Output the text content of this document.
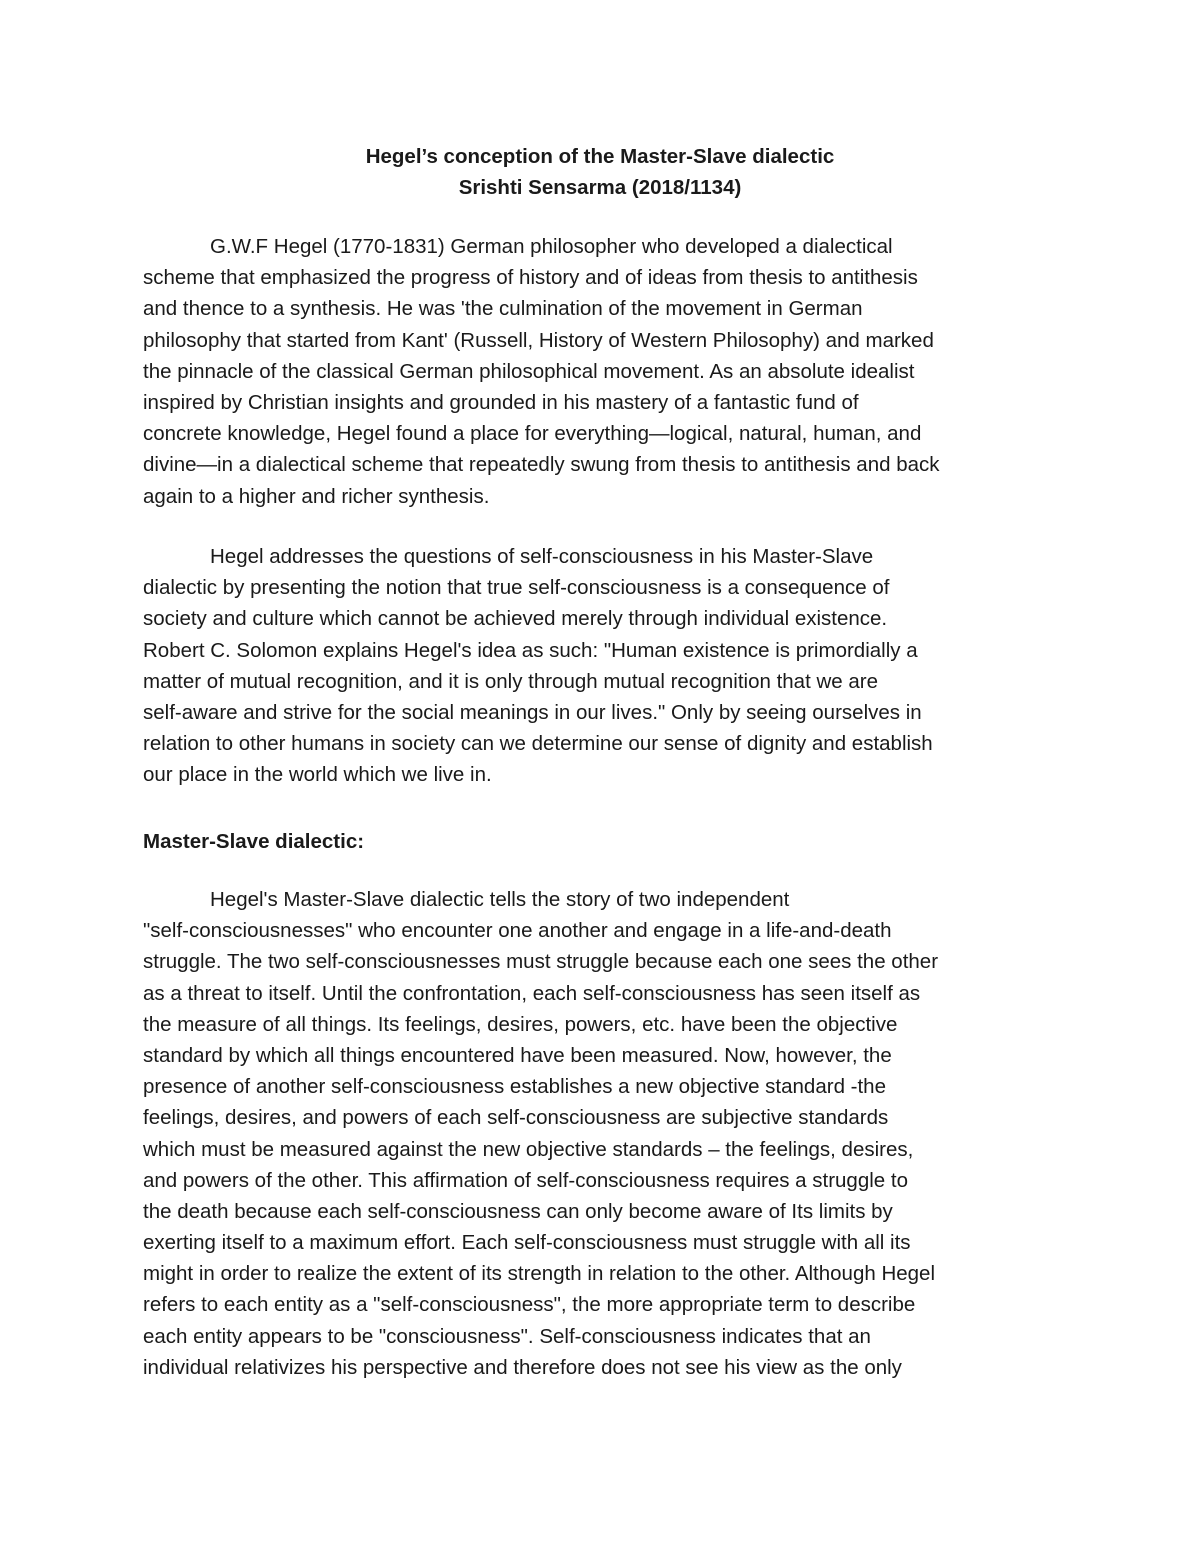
Hegel’s conception of the Master-Slave dialectic
Srishti Sensarma (2018/1134)
G.W.F Hegel (1770-1831) German philosopher who developed a dialectical
scheme that emphasized the progress of history and of ideas from thesis to antithesis
and thence to a synthesis. He was 'the culmination of the movement in German
philosophy that started from Kant' (Russell, History of Western Philosophy) and marked
the pinnacle of the classical German philosophical movement. As an absolute idealist
inspired by Christian insights and grounded in his mastery of a fantastic fund of
concrete knowledge, Hegel found a place for everything—logical, natural, human, and
divine—in a dialectical scheme that repeatedly swung from thesis to antithesis and back
again to a higher and richer synthesis.
Hegel addresses the questions of self-consciousness in his Master-Slave
dialectic by presenting the notion that true self-consciousness is a consequence of
society and culture which cannot be achieved merely through individual existence.
Robert C. Solomon explains Hegel's idea as such: "Human existence is primordially a
matter of mutual recognition, and it is only through mutual recognition that we are
self-aware and strive for the social meanings in our lives." Only by seeing ourselves in
relation to other humans in society can we determine our sense of dignity and establish
our place in the world which we live in.
Master-Slave dialectic:
Hegel's Master-Slave dialectic tells the story of two independent
"self-consciousnesses" who encounter one another and engage in a life-and-death
struggle. The two self-consciousnesses must struggle because each one sees the other
as a threat to itself. Until the confrontation, each self-consciousness has seen itself as
the measure of all things. Its feelings, desires, powers, etc. have been the objective
standard by which all things encountered have been measured. Now, however, the
presence of another self-consciousness establishes a new objective standard -the
feelings, desires, and powers of each self-consciousness are subjective standards
which must be measured against the new objective standards – the feelings, desires,
and powers of the other. This affirmation of self-consciousness requires a struggle to
the death because each self-consciousness can only become aware of Its limits by
exerting itself to a maximum effort. Each self-consciousness must struggle with all its
might in order to realize the extent of its strength in relation to the other. Although Hegel
refers to each entity as a "self-consciousness", the more appropriate term to describe
each entity appears to be "consciousness". Self-consciousness indicates that an
individual relativizes his perspective and therefore does not see his view as the only
